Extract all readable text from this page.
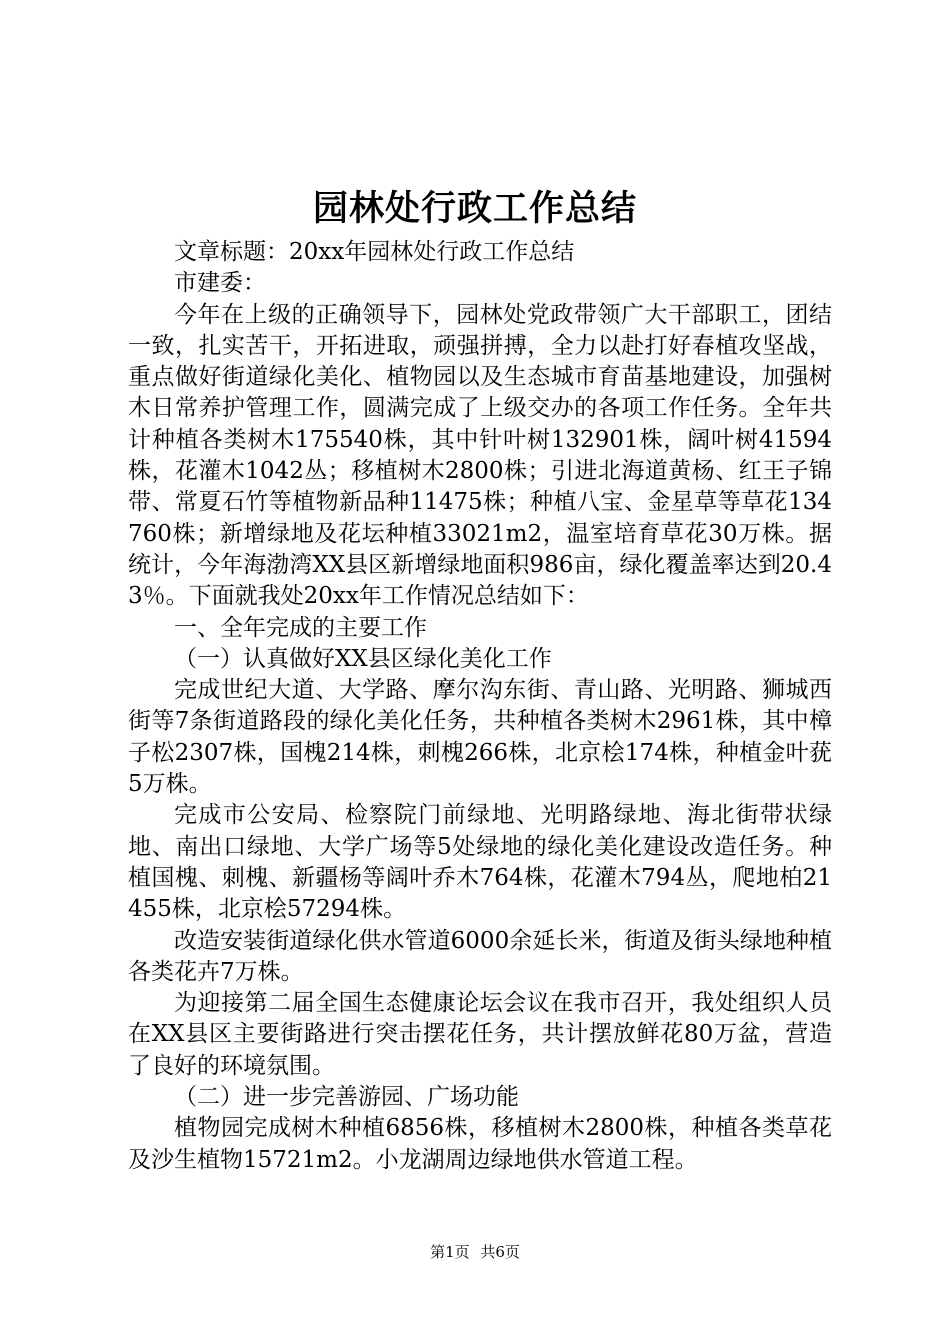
园林处行政工作总结

文章标题：20xx年园林处行政工作总结

市建委：

今年在上级的正确领导下，园林处党政带领广大干部职工，团结一致，扎实苦干，开拓进取，顽强拼搏，全力以赴打好春植攻坚战，重点做好街道绿化美化、植物园以及生态城市育苗基地建设，加强树木日常养护管理工作，圆满完成了上级交办的各项工作任务。全年共计种植各类树木175540株，其中针叶树132901株，阔叶树41594株，花灌木1042丛；移植树木2800株；引进北海道黄杨、红王子锦带、常夏石竹等植物新品种11475株；种植八宝、金星草等草花134760株；新增绿地及花坛种植33021m2，温室培育草花30万株。据统计，今年海渤湾XX县区新增绿地面积986亩，绿化覆盖率达到20.43％。下面就我处20xx年工作情况总结如下：

一、全年完成的主要工作

（一）认真做好XX县区绿化美化工作

完成世纪大道、大学路、摩尔沟东街、青山路、光明路、狮城西街等7条街道路段的绿化美化任务，共种植各类树木2961株，其中樟子松2307株，国槐214株，刺槐266株，北京桧174株，种植金叶莸5万株。

完成市公安局、检察院门前绿地、光明路绿地、海北街带状绿地、南出口绿地、大学广场等5处绿地的绿化美化建设改造任务。种植国槐、刺槐、新疆杨等阔叶乔木764株，花灌木794丛，爬地柏21455株，北京桧57294株。

改造安装街道绿化供水管道6000余延长米，街道及街头绿地种植各类花卉7万株。

为迎接第二届全国生态健康论坛会议在我市召开，我处组织人员在XX县区主要街路进行突击摆花任务，共计摆放鲜花80万盆，营造了良好的环境氛围。

（二）进一步完善游园、广场功能

植物园完成树木种植6856株，移植树木2800株，种植各类草花及沙生植物15721m2。小龙湖周边绿地供水管道工程。

第1页 共6页
